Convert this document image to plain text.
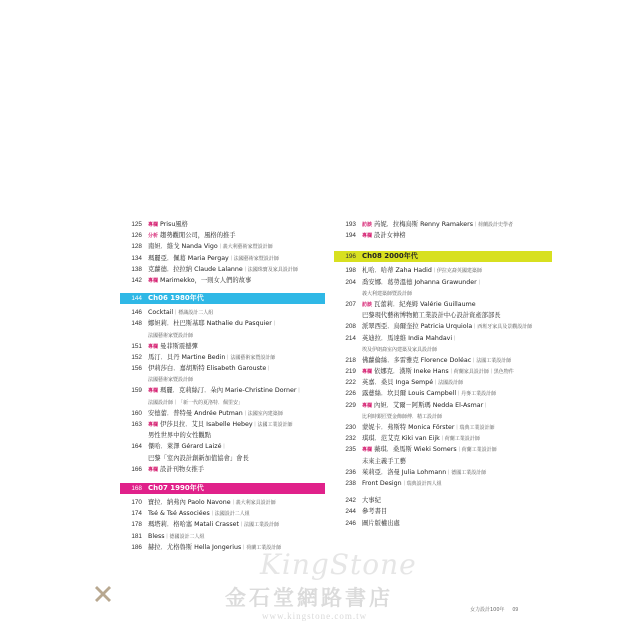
125 專欄 Prisu風格
126 分析 趨勢觀閒公司，風格的推手
128 南妲．維戈 Nanda Vigo｜義大利藝術家暨設計師
134 瑪麗亞．佩葛 Maria Pergay｜法國藝術家暨設計師
138 克蘿德．拉拉納 Claude Lalanne｜法國珠寶及家具設計師
142 專欄 Marimekko，一則女人們的故事
144 Ch06 1980年代
146 Cocktail｜標識設計二人組
148 娜妲莉．杜巴斯基耶 Nathalie du Pasquier｜
法國藝術家暨設計師
151 專欄 曼菲斯震撼彈
152 馬汀．貝丹 Martine Bedin｜法國藝術家暨設計師
156 伊莉莎白．嘉胡斯特 Elisabeth Garouste｜
法國藝術家暨設計師
159 專欄 瑪麗．克莉絲汀．朵內 Marie-Christine Dorner｜
法國設計師｜「新一代的夏洛特．佩里安」
160 安德蕾．普特曼 Andrée Putman｜法國室內建築師
163 專欄 伊莎貝拉．艾貝 Isabelle Hebey｜法國工業設計師
男性世界中的女性觀點
164 傑哈．萊澤 Gérard Laizé｜
巴黎「室內設計創新加值協會」會長
166 專欄 設計刊物女推手
168 Ch07 1990年代
170 寶拉．納弗內 Paolo Navone｜義大利家具設計師
174 Tsé & Tsé Associées｜法國設計二人組
178 瑪塔莉．格哈塞 Matali Crasset｜法國工業設計師
181 Bless｜德國設計二人組
186 赫拉．尤格魯斯 Hella Jongerius｜荷蘭工業設計師
193 訪談 芮妮．拉梅烏斯 Renny Ramakers｜荷蘭設計史學者
194 專欄 設計女神榜
196 Ch08 2000年代
198 札哈．哈蒂 Zaha Hadid｜伊拉克裔英國建築師
204 喬安娜．葛勞溫德 Johanna Grawunder｜
義大利建築師暨設計師
207 訪談 瓦蕾莉．紀堯姆 Valérie Guillaume
巴黎現代藝術博物館工業設計中心設計資產部部長
208 派翠西亞．烏爾奎拉 Patricia Urquiola｜西班牙家具及景觀設計師
214 英迪拉．馬達維 India Mahdavi｜
埃及伊朗裔室內建築及家具設計師
218 佛蘿倫絲．多雷雅克 Florence Doléac｜法國工業設計師
219 專欄 依娜克．漢斯 Ineke Hans｜荷蘭家具設計師｜黑色物件
222 英嘉．桑貝 Inga Sempé｜法國設計師
226 露薏絲．坎貝爾 Louis Campbell｜丹麥工業設計師
229 專欄 內妲．艾爾－阿斯瑪 Nedda El-Asmar｜
比利時銀匠暨金飾師傅．精工設計師
230 蒙妮卡．弗斯特 Monica Förster｜瑞典工業設計師
232 琪琪．范艾克 Kiki van Eijk｜荷蘭工業設計師
235 專欄 薇琪．桑馬斯 Wieki Somers｜荷蘭工業設計師
未來主義手工藝
236 茱莉亞．洛曼 Julia Lohmann｜德國工業設計師
238 Front Design｜瑞典設計四人組
242 大事紀
244 參考書目
246 圖片版權出處
KingStone
金石堂網路書店
www.kingstone.com.tw
女力設計100年 09
